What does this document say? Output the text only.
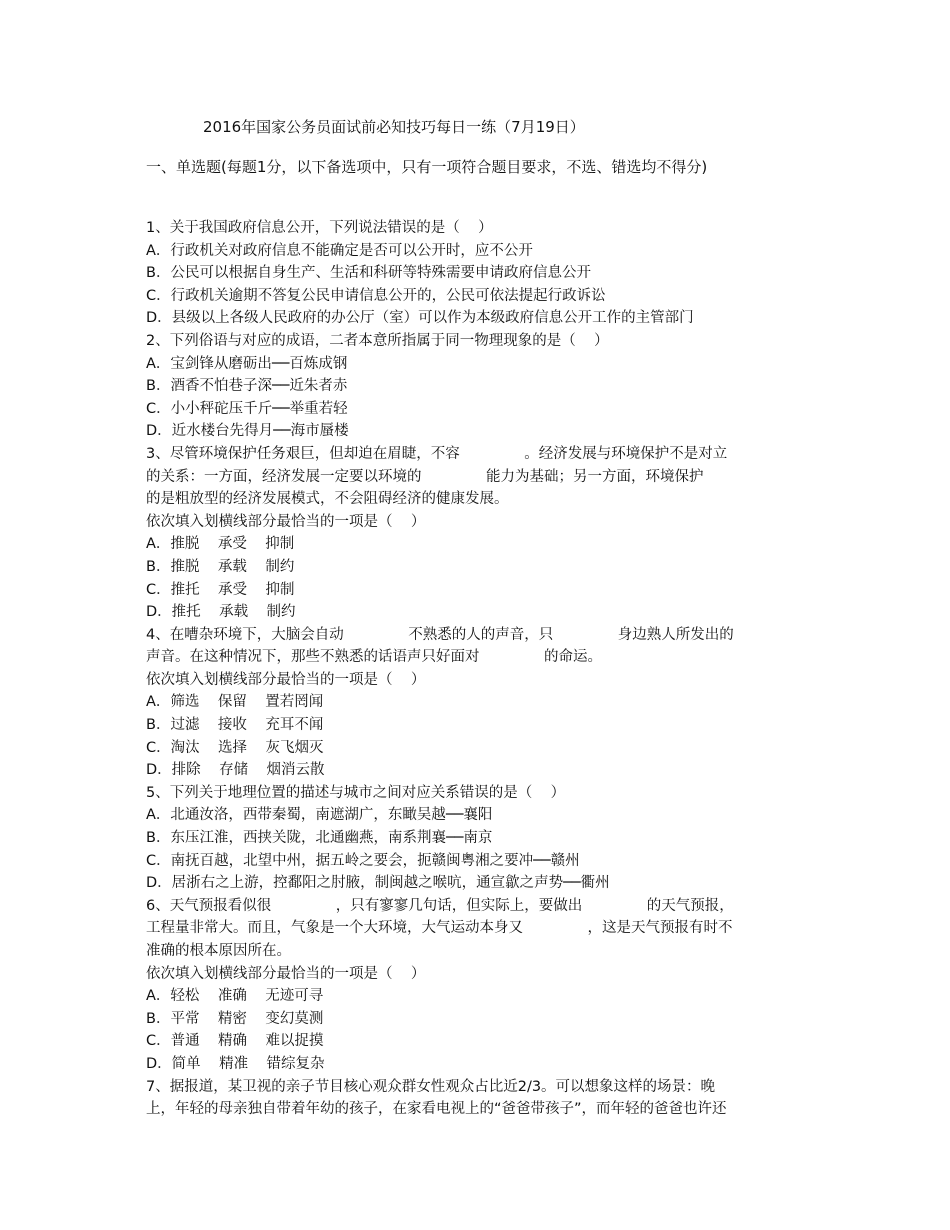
2016年国家公务员面试前必知技巧每日一练（7月19日）
一、单选题(每题1分，以下备选项中，只有一项符合题目要求，不选、错选均不得分)
1、关于我国政府信息公开，下列说法错误的是（    ）
A．行政机关对政府信息不能确定是否可以公开时，应不公开
B．公民可以根据自身生产、生活和科研等特殊需要申请政府信息公开
C．行政机关逾期不答复公民申请信息公开的，公民可依法提起行政诉讼
D．县级以上各级人民政府的办公厅（室）可以作为本级政府信息公开工作的主管部门
2、下列俗语与对应的成语，二者本意所指属于同一物理现象的是（    ）
A．宝剑锋从磨砺出──百炼成钢
B．酒香不怕巷子深──近朱者赤
C．小小秤砣压千斤──举重若轻
D．近水楼台先得月──海市蜃楼
3、尽管环境保护任务艰巨，但却迫在眉睫，不容              。经济发展与环境保护不是对立
的关系：一方面，经济发展一定要以环境的              能力为基础；另一方面，环境保护
的是粗放型的经济发展模式，不会阻碍经济的健康发展。
依次填入划横线部分最恰当的一项是（    ）
A．推脱    承受    抑制
B．推脱    承载    制约
C．推托    承受    抑制
D．推托    承载    制约
4、在嘈杂环境下，大脑会自动              不熟悉的人的声音，只              身边熟人所发出的
声音。在这种情况下，那些不熟悉的话语声只好面对              的命运。
依次填入划横线部分最恰当的一项是（    ）
A．筛选    保留    置若罔闻
B．过滤    接收    充耳不闻
C．淘汰    选择    灰飞烟灭
D．排除    存储    烟消云散
5、下列关于地理位置的描述与城市之间对应关系错误的是（    ）
A．北通汝洛，西带秦蜀，南遮湖广，东瞰吴越──襄阳
B．东压江淮，西挟关陇，北通幽燕，南系荆襄──南京
C．南抚百越，北望中州，据五岭之要会，扼赣闽粤湘之要冲──赣州
D．居浙右之上游，控鄱阳之肘腋，制闽越之喉吭，通宣歙之声势──衢州
6、天气预报看似很              ，只有寥寥几句话，但实际上，要做出              的天气预报，
工程量非常大。而且，气象是一个大环境，大气运动本身又              ，这是天气预报有时不
准确的根本原因所在。
依次填入划横线部分最恰当的一项是（    ）
A．轻松    准确    无迹可寻
B．平常    精密    变幻莫测
C．普通    精确    难以捉摸
D．简单    精准    错综复杂
7、据报道，某卫视的亲子节目核心观众群女性观众占比近2/3。可以想象这样的场景：晚
上，年轻的母亲独自带着年幼的孩子，在家看电视上的“爸爸带孩子”，而年轻的爸爸也许还
